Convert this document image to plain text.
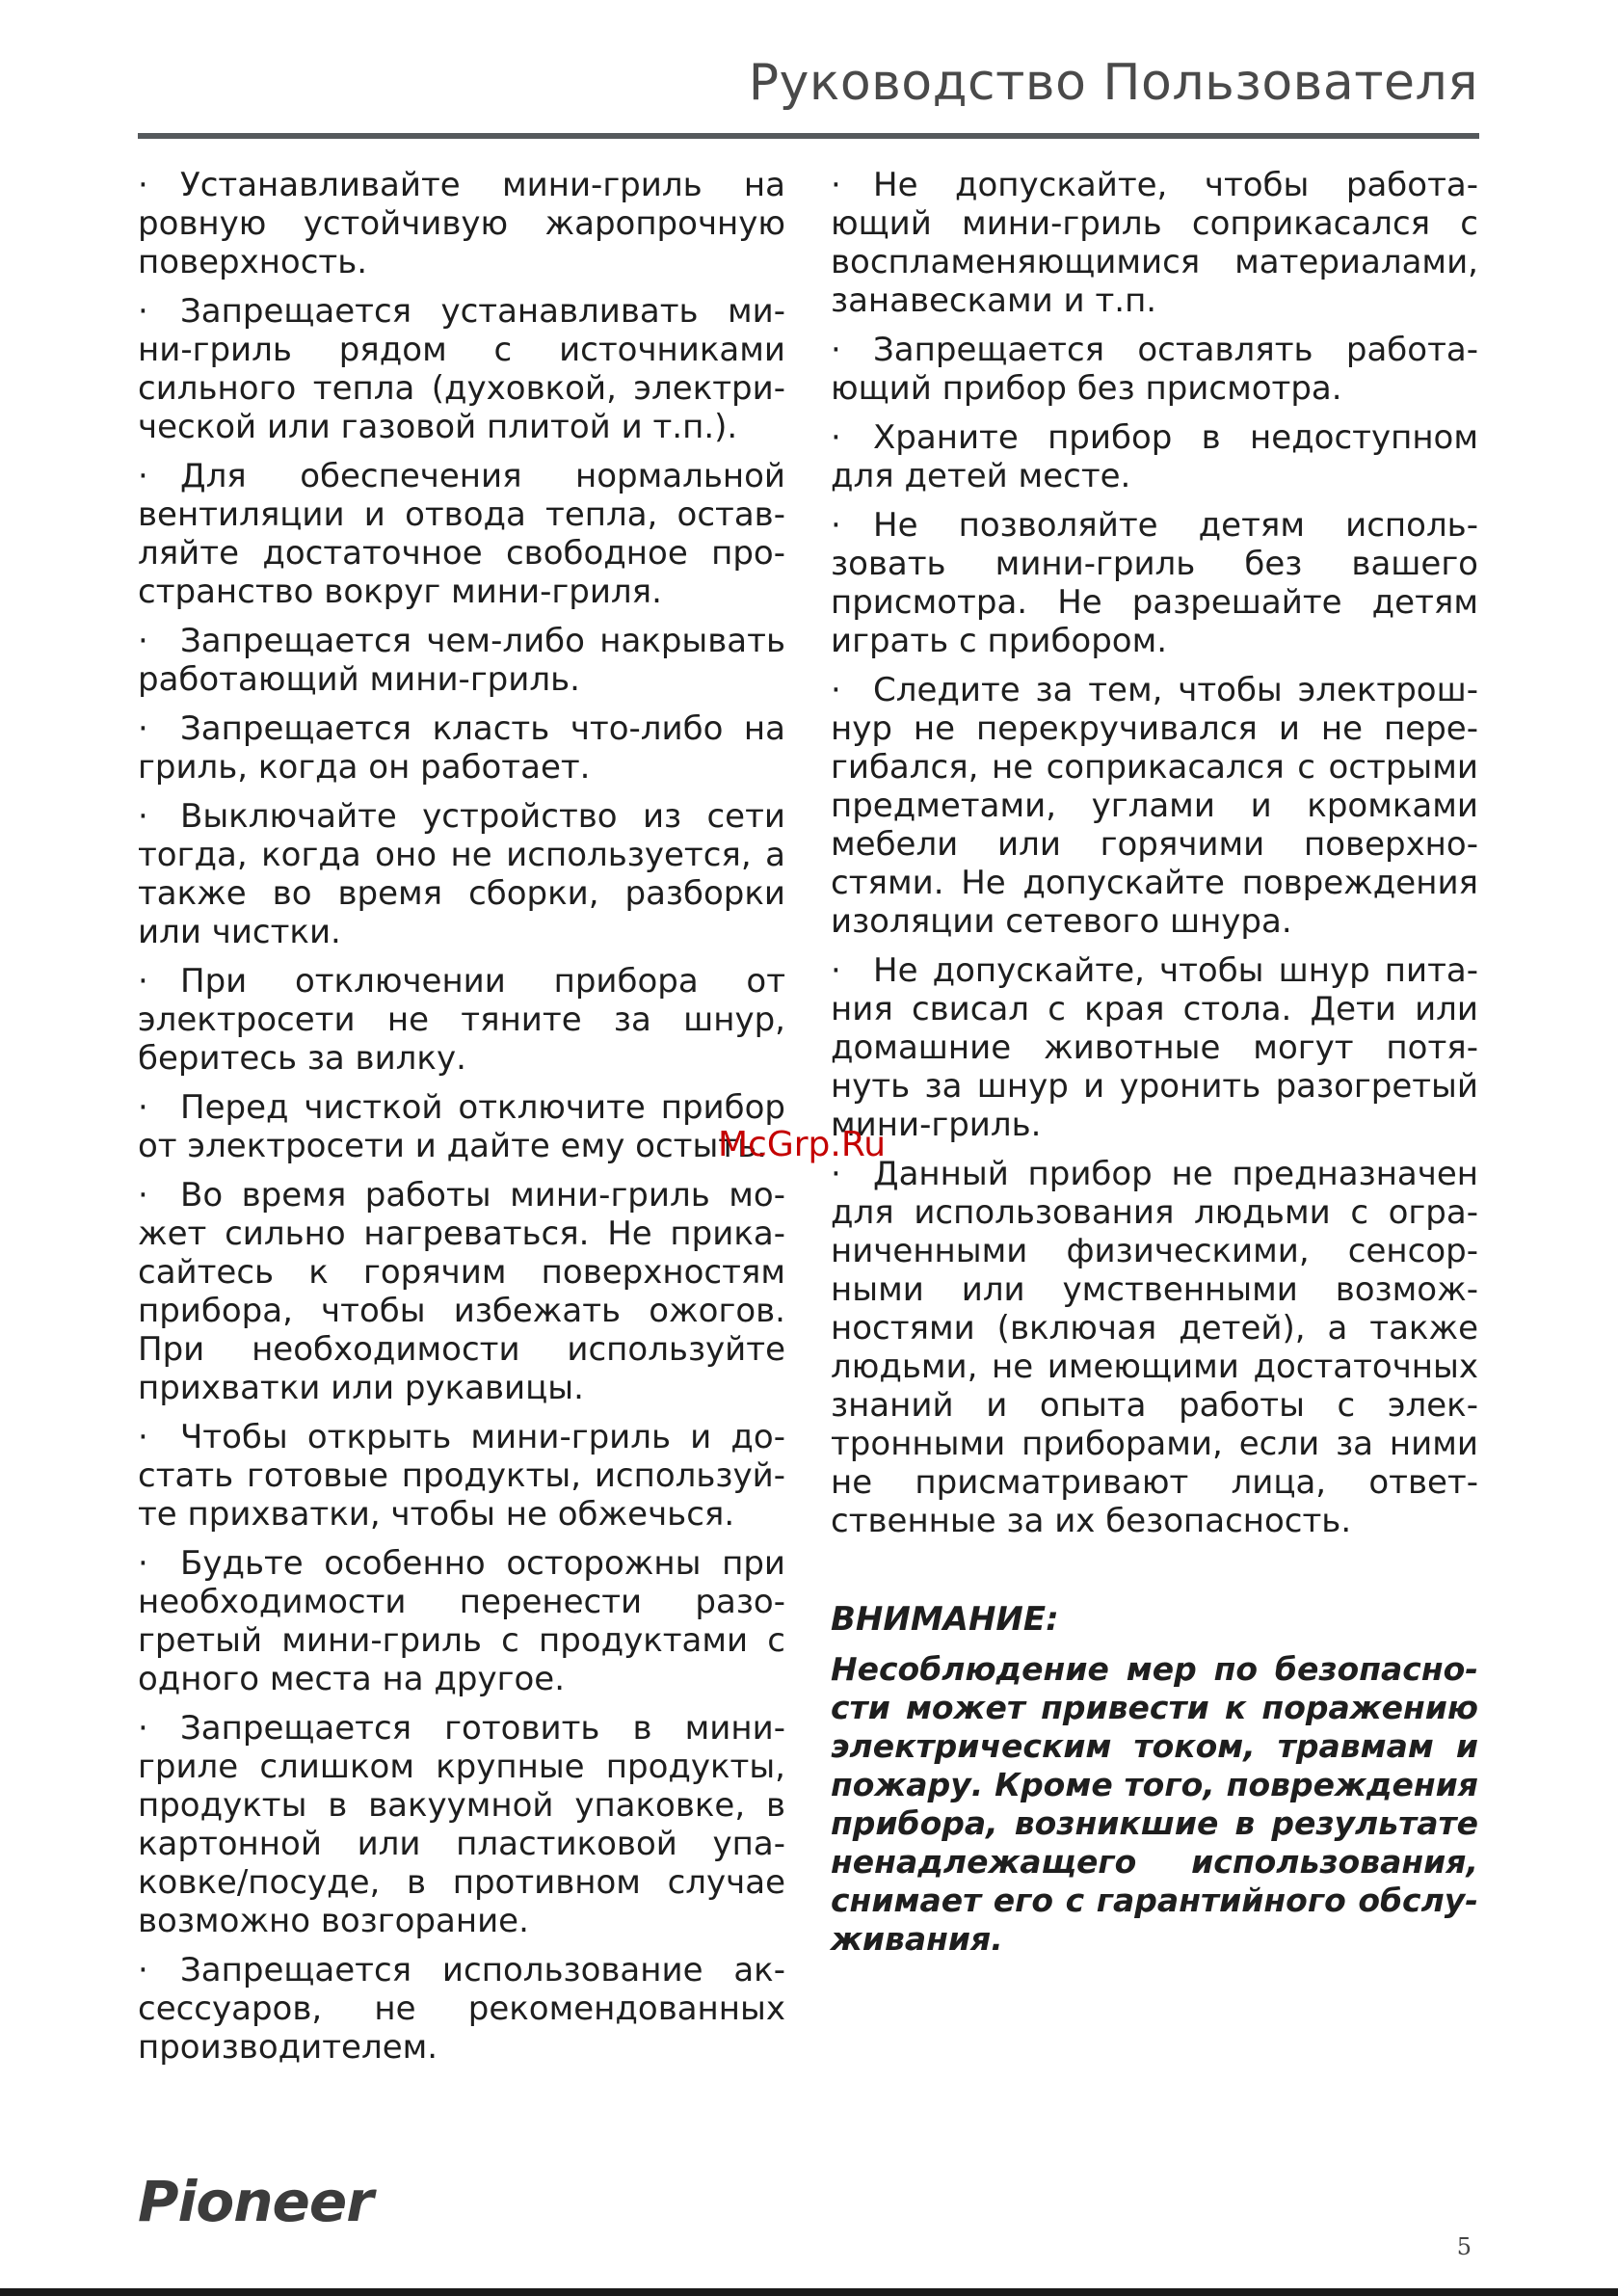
Руководство Пользователя

· Устанавливайте мини-гриль на ровную устойчивую жаропрочную поверхность.

· Запрещается устанавливать мини-гриль рядом с источниками сильного тепла (духовкой, электрической или газовой плитой и т.п.).

· Для обеспечения нормальной вентиляции и отвода тепла, оставляйте достаточное свободное пространство вокруг мини-гриля.

· Запрещается чем-либо накрывать работающий мини-гриль.

· Запрещается класть что-либо на гриль, когда он работает.

· Выключайте устройство из сети тогда, когда оно не используется, а также во время сборки, разборки или чистки.

· При отключении прибора от электросети не тяните за шнур, беритесь за вилку.

· Перед чисткой отключите прибор от электросети и дайте ему остыть.

· Во время работы мини-гриль может сильно нагреваться. Не прикасайтесь к горячим поверхностям прибора, чтобы избежать ожогов. При необходимости используйте прихватки или рукавицы.

· Чтобы открыть мини-гриль и достать готовые продукты, используйте прихватки, чтобы не обжечься.

· Будьте особенно осторожны при необходимости перенести разогретый мини-гриль с продуктами с одного места на другое.

· Запрещается готовить в мини-гриле слишком крупные продукты, продукты в вакуумной упаковке, в картонной или пластиковой упаковке/посуде, в противном случае возможно возгорание.

· Запрещается использование аксессуаров, не рекомендованных производителем.

· Не допускайте, чтобы работающий мини-гриль соприкасался с воспламеняющимися материалами, занавесками и т.п.

· Запрещается оставлять работающий прибор без присмотра.

· Храните прибор в недоступном для детей месте.

· Не позволяйте детям использовать мини-гриль без вашего присмотра. Не разрешайте детям играть с прибором.

· Следите за тем, чтобы электрошнур не перекручивался и не перегибался, не соприкасался с острыми предметами, углами и кромками мебели или горячими поверхностями. Не допускайте повреждения изоляции сетевого шнура.

· Не допускайте, чтобы шнур питания свисал с края стола. Дети или домашние животные могут потянуть за шнур и уронить разогретый мини-гриль.

· Данный прибор не предназначен для использования людьми с ограниченными физическими, сенсорными или умственными возможностями (включая детей), а также людьми, не имеющими достаточных знаний и опыта работы с электронными приборами, если за ними не присматривают лица, ответственные за их безопасность.

ВНИМАНИЕ:

Несоблюдение мер по безопасности может привести к поражению электрическим током, травмам и пожару. Кроме того, повреждения прибора, возникшие в результате ненадлежащего использования, снимает его с гарантийного обслуживания.

McGrp.Ru
Pioneer
5
